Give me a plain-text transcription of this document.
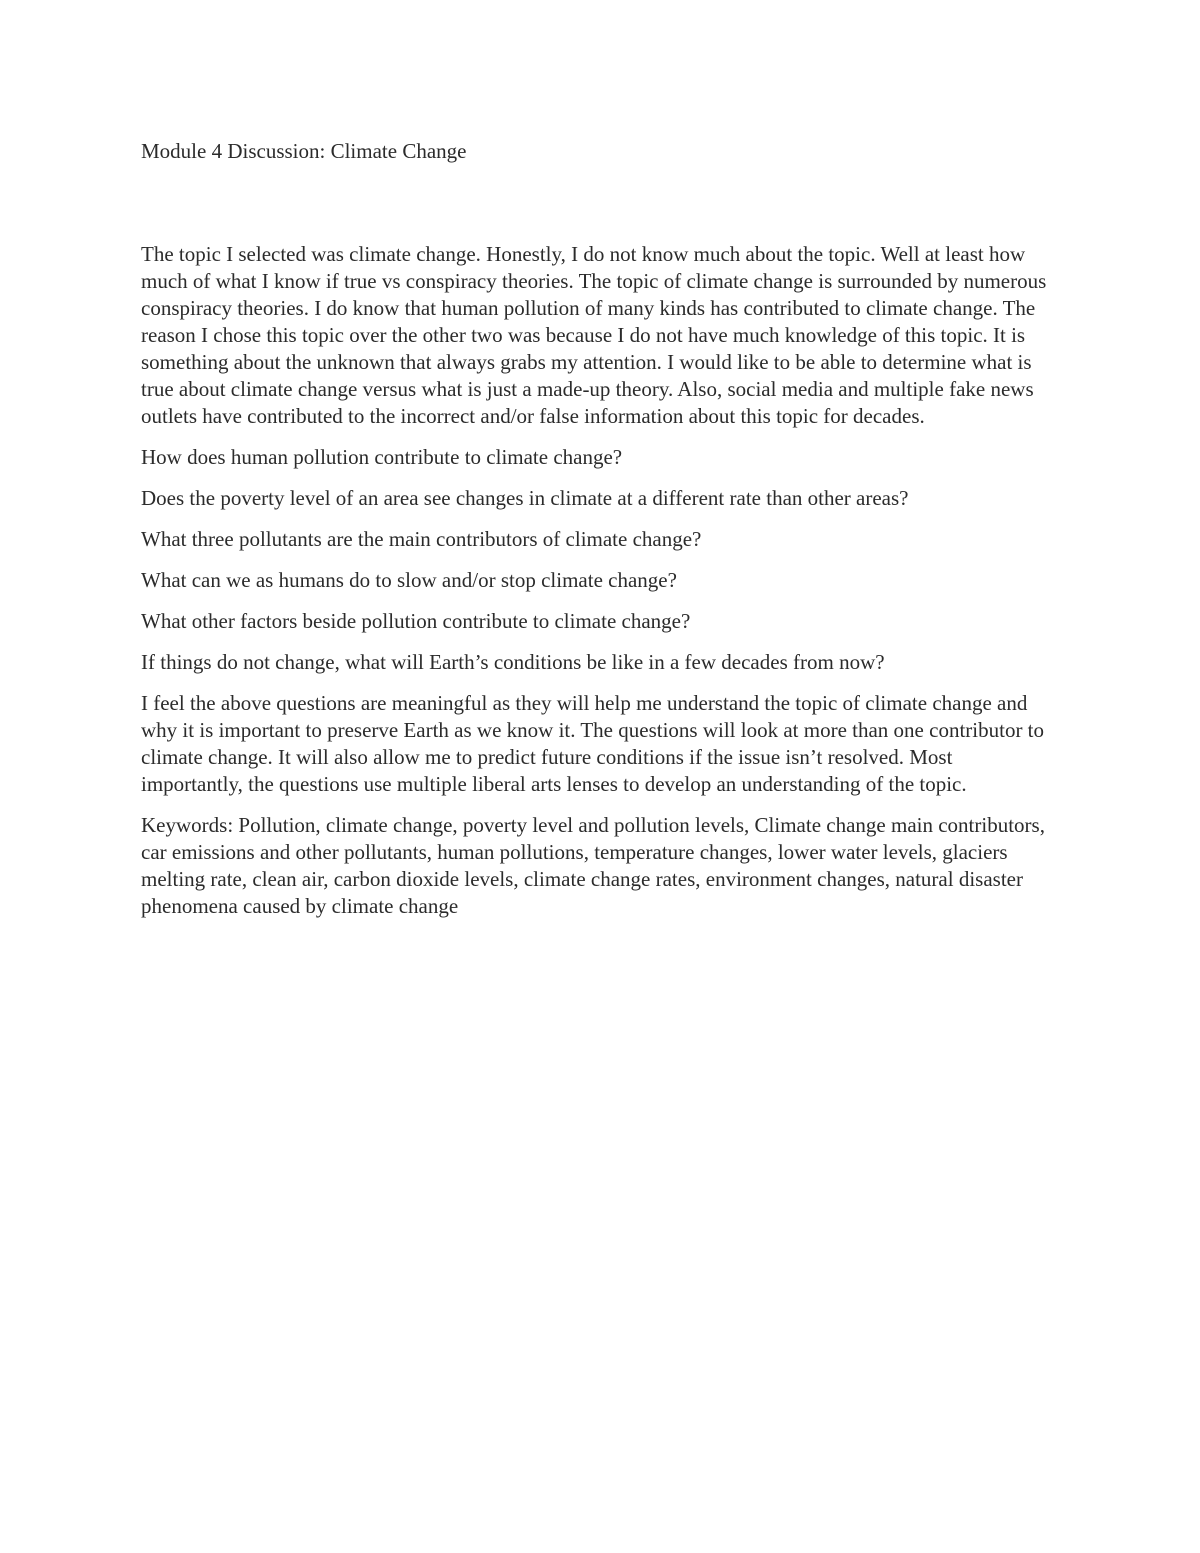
Module 4 Discussion: Climate Change

The topic I selected was climate change. Honestly, I do not know much about the topic. Well at least how much of what I know if true vs conspiracy theories. The topic of climate change is surrounded by numerous conspiracy theories. I do know that human pollution of many kinds has contributed to climate change. The reason I chose this topic over the other two was because I do not have much knowledge of this topic. It is something about the unknown that always grabs my attention. I would like to be able to determine what is true about climate change versus what is just a made-up theory. Also, social media and multiple fake news outlets have contributed to the incorrect and/or false information about this topic for decades.

How does human pollution contribute to climate change?

Does the poverty level of an area see changes in climate at a different rate than other areas?

What three pollutants are the main contributors of climate change?

What can we as humans do to slow and/or stop climate change?

What other factors beside pollution contribute to climate change?

If things do not change, what will Earth’s conditions be like in a few decades from now?

I feel the above questions are meaningful as they will help me understand the topic of climate change and why it is important to preserve Earth as we know it. The questions will look at more than one contributor to climate change. It will also allow me to predict future conditions if the issue isn’t resolved. Most importantly, the questions use multiple liberal arts lenses to develop an understanding of the topic.

Keywords: Pollution, climate change, poverty level and pollution levels, Climate change main contributors, car emissions and other pollutants, human pollutions, temperature changes, lower water levels, glaciers melting rate, clean air, carbon dioxide levels, climate change rates, environment changes, natural disaster phenomena caused by climate change
